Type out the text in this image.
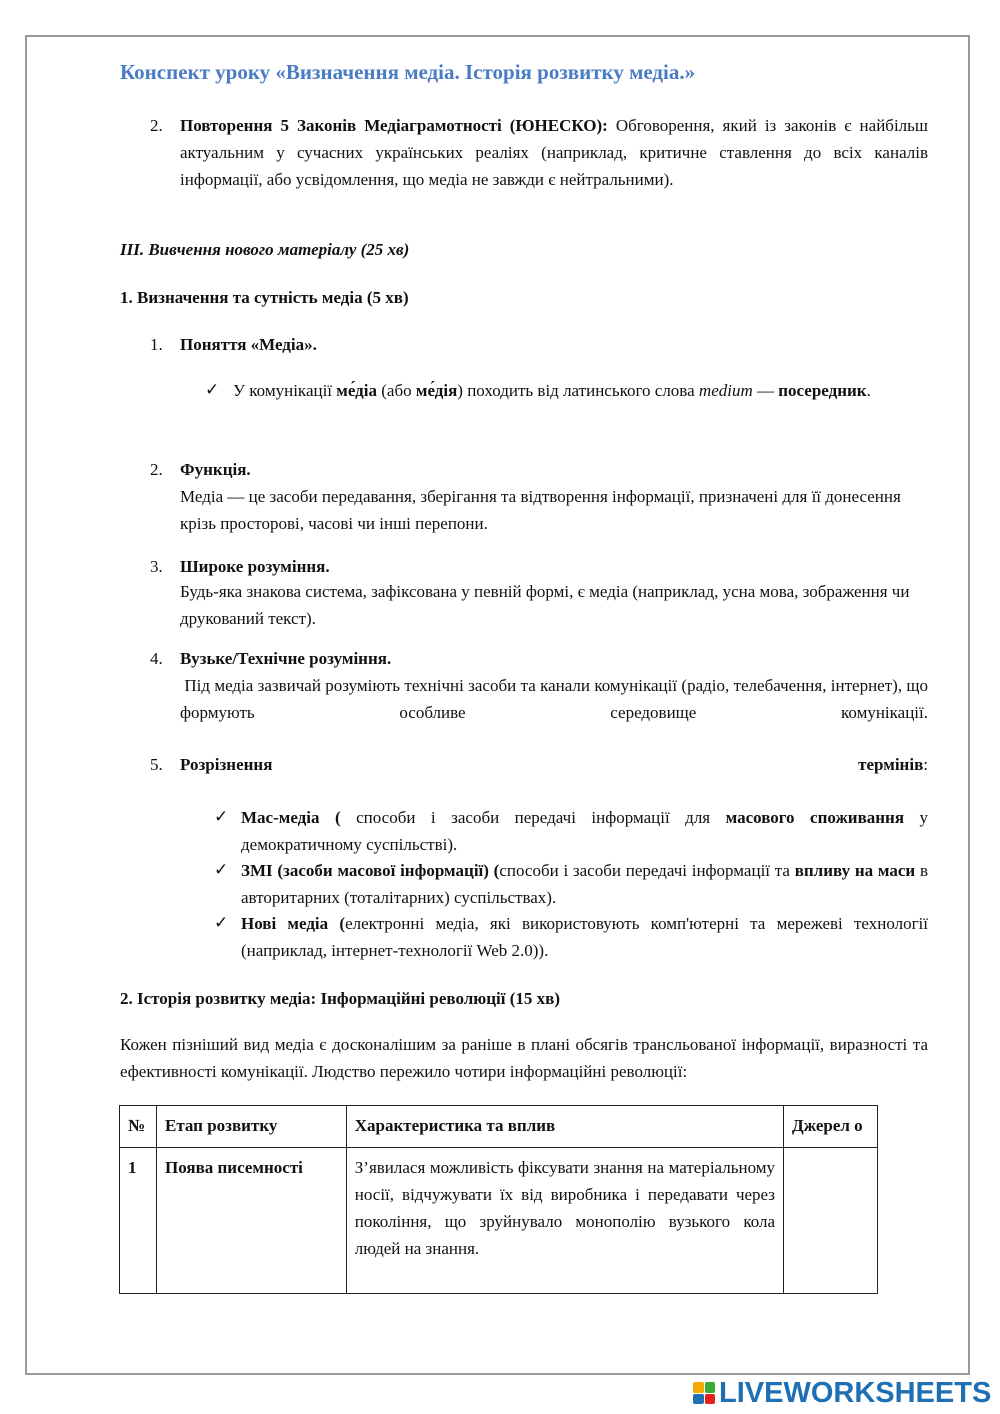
Конспект уроку «Визначення медіа. Історія розвитку медіа.»
2. Повторення 5 Законів Медіаграмотності (ЮНЕСКО): Обговорення, який із законів є найбільш актуальним у сучасних українських реаліях (наприклад, критичне ставлення до всіх каналів інформації, або усвідомлення, що медіа не завжди є нейтральними).

ІІІ. Вивчення нового матеріалу (25 хв)

1. Визначення та сутність медіа (5 хв)

1. Поняття «Медіа».

✓ У комунікації ме́діа (або ме́дія) походить від латинського слова medium — посередник.

2. Функція.

Медіа — це засоби передавання, зберігання та відтворення інформації, призначені для її донесення крізь просторові, часові чи інші перепони.

3. Широке розуміння.

Будь-яка знакова система, зафіксована у певній формі, є медіа (наприклад, усна мова, зображення чи друкований текст).

4. Вузьке/Технічне розуміння.

Під медіа зазвичай розуміють технічні засоби та канали комунікації (радіо, телебачення, інтернет), що формують особливе середовище комунікації.

5. Розрізнення	термінів:

✓ Мас-медіа ( способи і засоби передачі інформації для масового споживання у демократичному суспільстві).

✓ ЗМІ (засоби масової інформації) (способи і засоби передачі інформації та впливу на маси в авторитарних (тоталітарних) суспільствах).

✓ Нові медіа (електронні медіа, які використовують комп'ютерні та мережеві технології (наприклад, інтернет-технології Web 2.0)).

2. Історія розвитку медіа: Інформаційні революції (15 хв)

Кожен пізніший вид медіа є досконалішим за раніше в плані обсягів трансльованої інформації, виразності та ефективності комунікації. Людство пережило чотири інформаційні революції:

№	Етап розвитку	Характеристика та вплив	Джерел о
1	Поява писемності	З’явилася можливість фіксувати знання на матеріальному носії, відчужувати їх від виробника і передавати через покоління, що зруйнувало монополію вузького кола людей на знання.	
LIVEWORKSHEETS
